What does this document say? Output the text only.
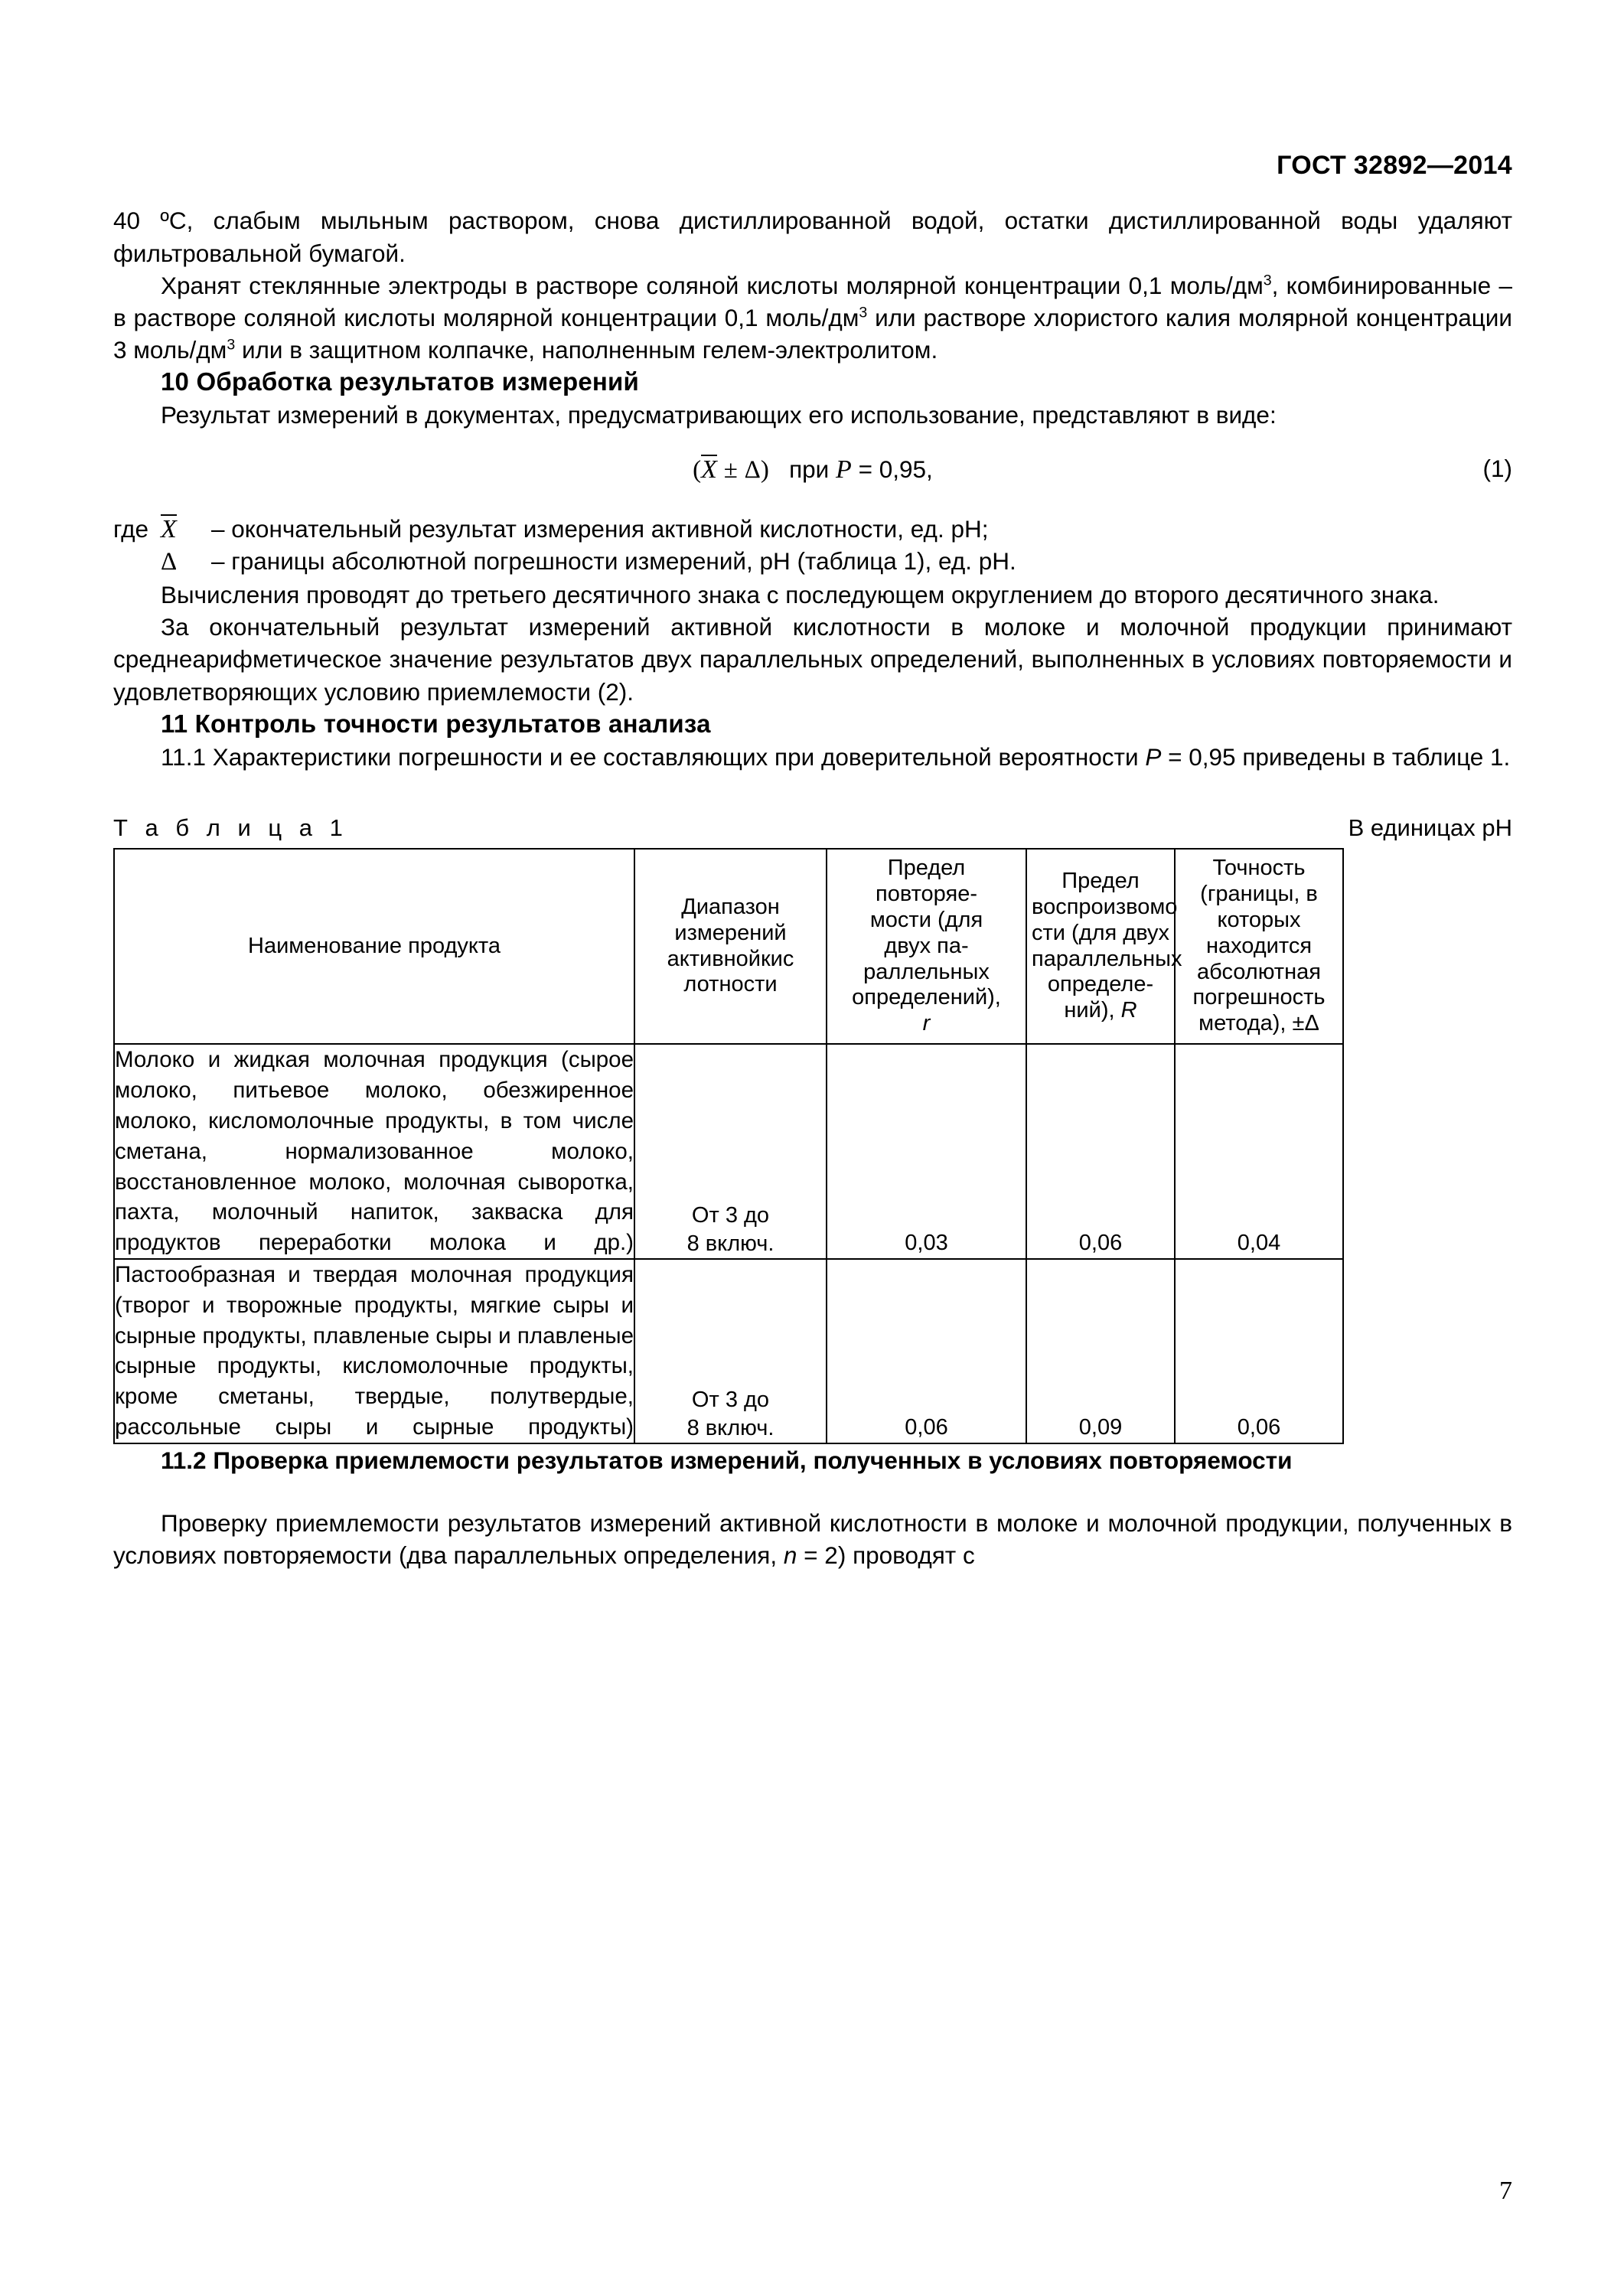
ГОСТ 32892—2014

40 ºC, слабым мыльным раствором, снова дистиллированной водой, остатки дистиллированной воды удаляют фильтровальной бумагой.

Хранят стеклянные электроды в растворе соляной кислоты молярной концентрации 0,1 моль/$дм^3$, комбинированные – в растворе соляной кислоты молярной концентрации 0,1 моль/$дм^3$ или растворе хлористого калия молярной концентрации 3 моль/$дм^3$ или в защитном колпачке, наполненным гелем-электролитом.

10 Обработка результатов измерений

Результат измерений в документах, предусматривающих его использование, представляют в виде:

(X ± Δ) при P = 0,95,	(1)
где X	– окончательный результат измерения активной кислотности, ед. рН;
Δ	– границы абсолютной погрешности измерений, рН (таблица 1), ед. рН.

Вычисления проводят до третьего десятичного знака с последующем округлением до второго десятичного знака.

За окончательный результат измерений активной кислотности в молоке и молочной продукции принимают среднеарифметическое значение результатов двух параллельных определений, выполненных в условиях повторяемости и удовлетворяющих условию приемлемости (2).

11 Контроль точности результатов анализа

11.1 Характеристики погрешности и ее составляющих при доверительной вероятности P = 0,95 приведены в таблице 1.

Т а б л и ц а 1	В единицах рН
Наименование продукта	Диапазон
измерений
активнойкис
лотности	Предел
повторяе-
мости (для
двух па-
раллельных
определений),
r	Предел
воспроизвомо
сти (для двух
параллельных
определе-
ний), R	Точность
(границы, в
которых
находится
абсолютная
погрешность
метода), ±Δ
Молоко и жидкая молочная продукция (сырое молоко, питьевое молоко, обезжиренное молоко, кисломолочные продукты, в том числе сметана, нормализованное молоко, восстановленное молоко, молочная сыворотка, пахта, молочный напиток, закваска для продуктов переработки молока и др.)	От 3 до
8 включ.	0,03	0,06	0,04
Пастообразная и твердая молочная продукция (творог и творожные продукты, мягкие сыры и сырные продукты, плавленые сыры и плавленые сырные продукты, кисломолочные продукты, кроме сметаны, твердые, полутвердые, рассольные сыры и сырные продукты)	От 3 до
8 включ.	0,06	0,09	0,06
11.2 Проверка приемлемости результатов измерений, полученных в условиях повторяемости

Проверку приемлемости результатов измерений активной кислотности в молоке и молочной продукции, полученных в условиях повторяемости (два параллельных определения, n = 2) проводят с

7
